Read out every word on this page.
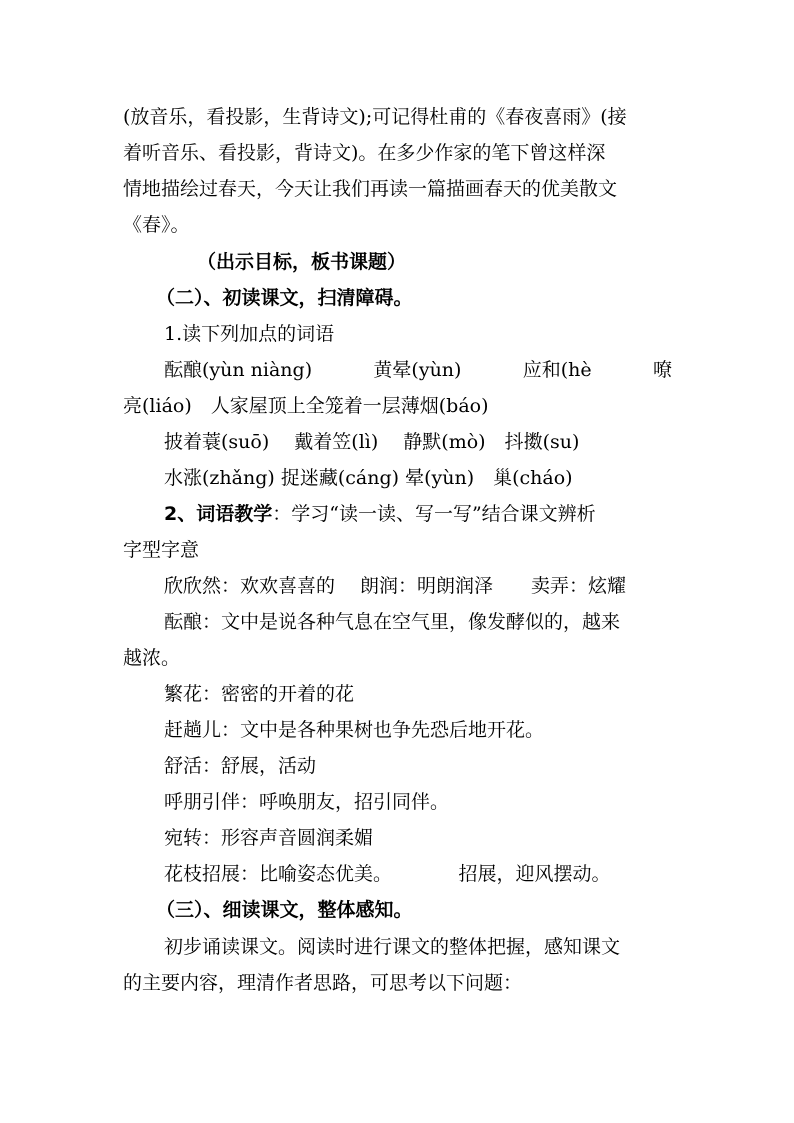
(放音乐，看投影，生背诗文);可记得杜甫的《春夜喜雨》(接
着听音乐、看投影，背诗文)。在多少作家的笔下曾这样深
情地描绘过春天，今天让我们再读一篇描画春天的优美散文
《春》。
（出示目标，板书课题）
（二）、初读课文，扫清障碍。
1.读下列加点的词语
酝酿(yùn niàng)	黄晕(yùn)	应和(hè	嘹
亮(liáo)　人家屋顶上全笼着一层薄烟(báo)
披着蓑(suō)　 戴着笠(lì)　 静默(mò)　抖擞(su)
水涨(zhǎng) 捉迷藏(cáng) 晕(yùn)　巢(cháo)
2、词语教学：学习“读一读、写一写”结合课文辨析
字型字意
欣欣然：欢欢喜喜的　 朗润：明朗润泽　　卖弄：炫耀
酝酿：文中是说各种气息在空气里，像发酵似的，越来
越浓。
繁花：密密的开着的花
赶趟儿：文中是各种果树也争先恐后地开花。
舒活：舒展，活动
呼朋引伴：呼唤朋友，招引同伴。
宛转：形容声音圆润柔媚
花枝招展：比喻姿态优美。　　　　招展，迎风摆动。
（三）、细读课文，整体感知。
初步诵读课文。阅读时进行课文的整体把握，感知课文
的主要内容，理清作者思路，可思考以下问题：
